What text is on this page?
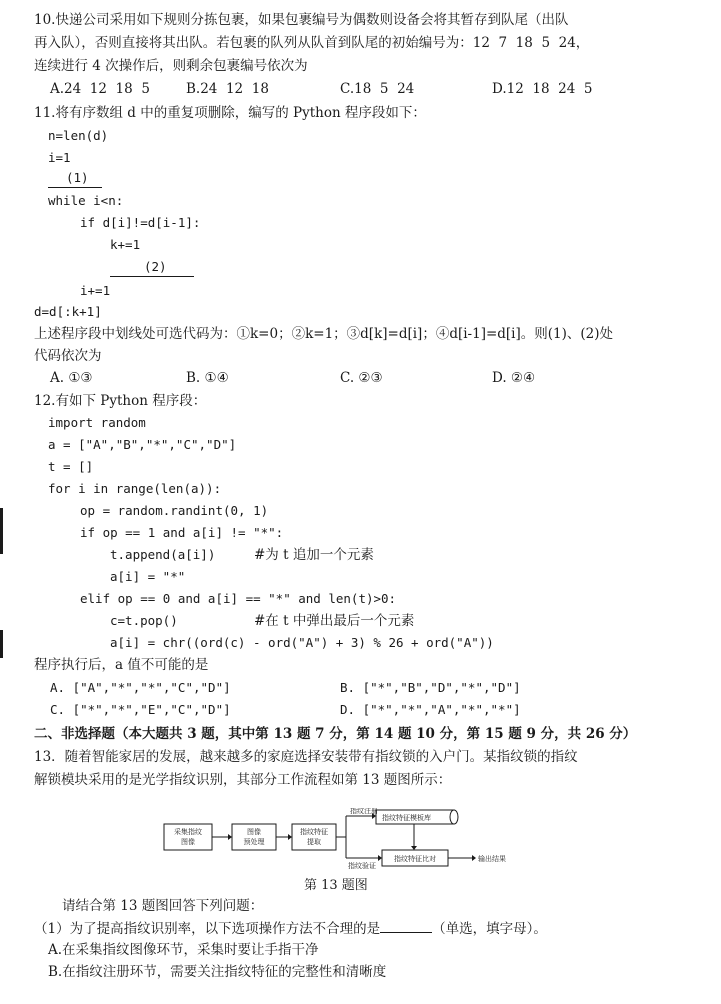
10.快递公司采用如下规则分拣包裹，如果包裹编号为偶数则设备会将其暂存到队尾（出队
再入队），否则直接将其出队。若包裹的队列从队首到队尾的初始编号为：12  7  18  5  24，
连续进行 4 次操作后，则剩余包裹编号依次为
A.24  12  18  5	B.24  12  18	C.18  5  24	D.12  18  24  5
11.将有序数组 d 中的重复项删除，编写的 Python 程序段如下：
n=len(d)
i=1
(1)
while i<n:
if d[i]!=d[i-1]:
k+=1
(2)
i+=1
d=d[:k+1]
上述程序段中划线处可选代码为：①k=0；②k=1；③d[k]=d[i]；④d[i-1]=d[i]。则(1)、(2)处
代码依次为
A. ①③	B. ①④	C. ②③	D. ②④
12.有如下 Python 程序段：
import random
a = ["A","B","*","C","D"]
t = []
for i in range(len(a)):
op = random.randint(0, 1)
if op == 1 and a[i] != "*":
t.append(a[i])	#为 t 追加一个元素
a[i] = "*"
elif op == 0 and a[i] == "*" and len(t)>0:
c=t.pop()	#在 t 中弹出最后一个元素
a[i] = chr((ord(c) - ord("A") + 3) % 26 + ord("A"))
程序执行后，a 值不可能的是
A. ["A","*","*","C","D"]	B. ["*","B","D","*","D"]
C. ["*","*","E","C","D"]	D. ["*","*","A","*","*"]
二、非选择题（本大题共 3 题，其中第 13 题 7 分，第 14 题 10 分，第 15 题 9 分，共 26 分）
13．随着智能家居的发展，越来越多的家庭选择安装带有指纹锁的入户门。某指纹锁的指纹
解锁模块采用的是光学指纹识别，其部分工作流程如第 13 题图所示：
采集指纹
图像
图像
预处理
指纹特征
提取
指纹注册
指纹验证
指纹特征模板库
指纹特征比对	输出结果
第 13 题图
请结合第 13 题图回答下列问题：
（1）为了提高指纹识别率，以下选项操作方法不合理的是	（单选，填字母）。
A.在采集指纹图像环节，采集时要让手指干净
B.在指纹注册环节，需要关注指纹特征的完整性和清晰度
